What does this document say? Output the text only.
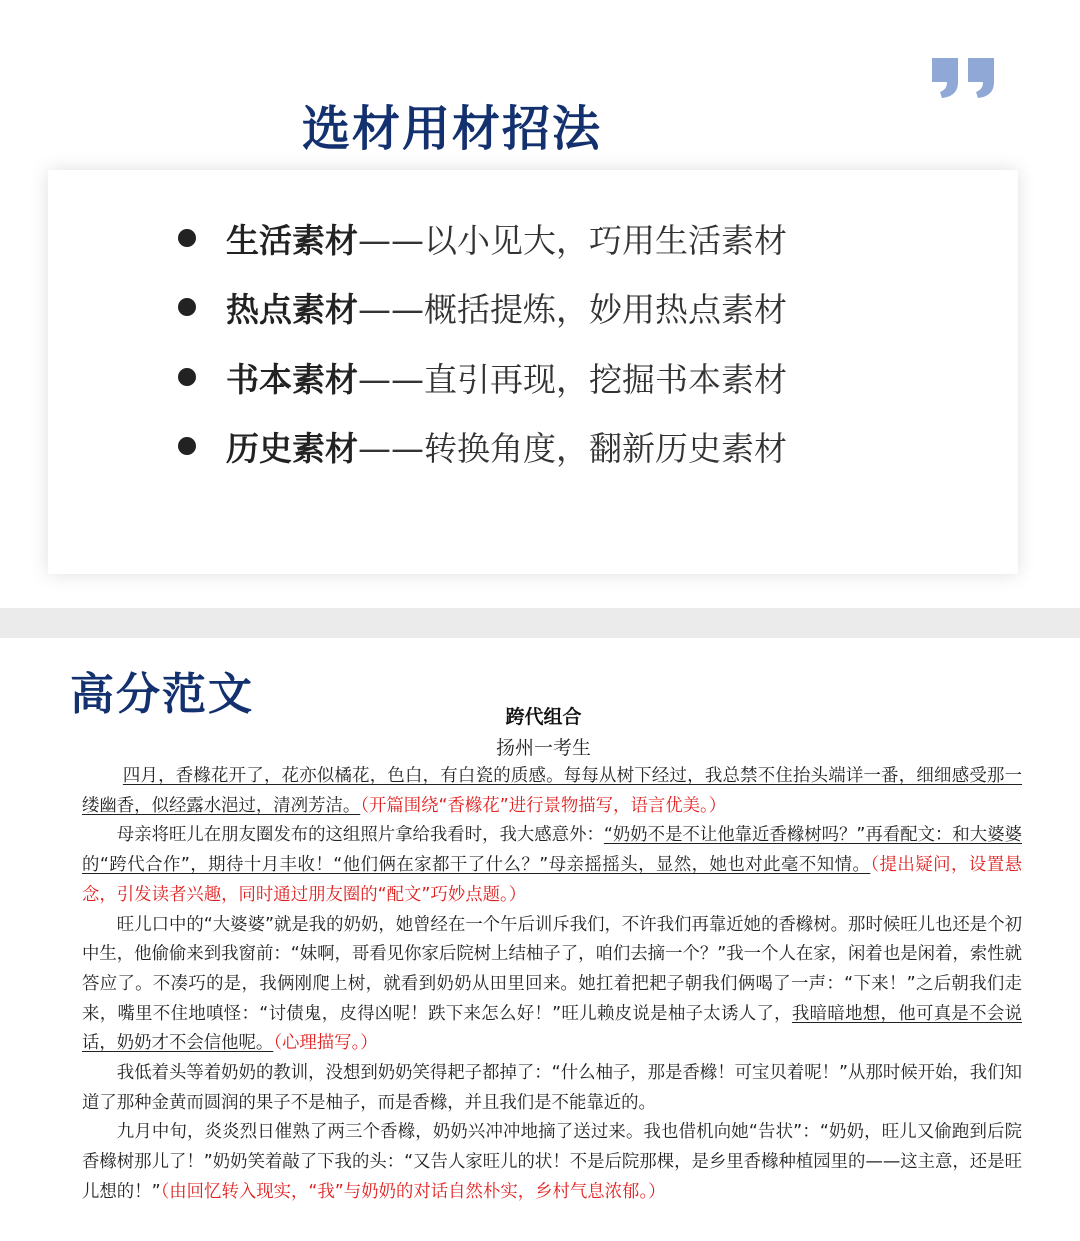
选材用材招法
生活素材——以小见大，巧用生活素材
热点素材——概括提炼，妙用热点素材
书本素材——直引再现，挖掘书本素材
历史素材——转换角度，翻新历史素材
高分范文	跨代组合
扬州一考生

四月，香橼花开了，花亦似橘花，色白，有白瓷的质感。每每从树下经过，我总禁不住抬头端详一番，细细感受那一缕幽香，似经露水浥过，清冽芳洁。（开篇围绕“香橼花”进行景物描写，语言优美。）

母亲将旺儿在朋友圈发布的这组照片拿给我看时，我大感意外：“奶奶不是不让他靠近香橼树吗？”再看配文：和大婆婆的“跨代合作”，期待十月丰收！“他们俩在家都干了什么？”母亲摇摇头，显然，她也对此毫不知情。（提出疑问，设置悬念，引发读者兴趣，同时通过朋友圈的“配文”巧妙点题。）

旺儿口中的“大婆婆”就是我的奶奶，她曾经在一个午后训斥我们，不许我们再靠近她的香橼树。那时候旺儿也还是个初中生，他偷偷来到我窗前：“妹啊，哥看见你家后院树上结柚子了，咱们去摘一个？”我一个人在家，闲着也是闲着，索性就答应了。不凑巧的是，我俩刚爬上树，就看到奶奶从田里回来。她扛着把耙子朝我们俩喝了一声：“下来！”之后朝我们走来，嘴里不住地嗔怪：“讨债鬼，皮得凶呢！跌下来怎么好！”旺儿赖皮说是柚子太诱人了，我暗暗地想，他可真是不会说话，奶奶才不会信他呢。（心理描写。）

我低着头等着奶奶的教训，没想到奶奶笑得耙子都掉了：“什么柚子，那是香橼！可宝贝着呢！”从那时候开始，我们知道了那种金黄而圆润的果子不是柚子，而是香橼，并且我们是不能靠近的。

九月中旬，炎炎烈日催熟了两三个香橼，奶奶兴冲冲地摘了送过来。我也借机向她“告状”：“奶奶，旺儿又偷跑到后院香橼树那儿了！”奶奶笑着敲了下我的头：“又告人家旺儿的状！不是后院那棵，是乡里香橼种植园里的——这主意，还是旺儿想的！”（由回忆转入现实，“我”与奶奶的对话自然朴实，乡村气息浓郁。）
